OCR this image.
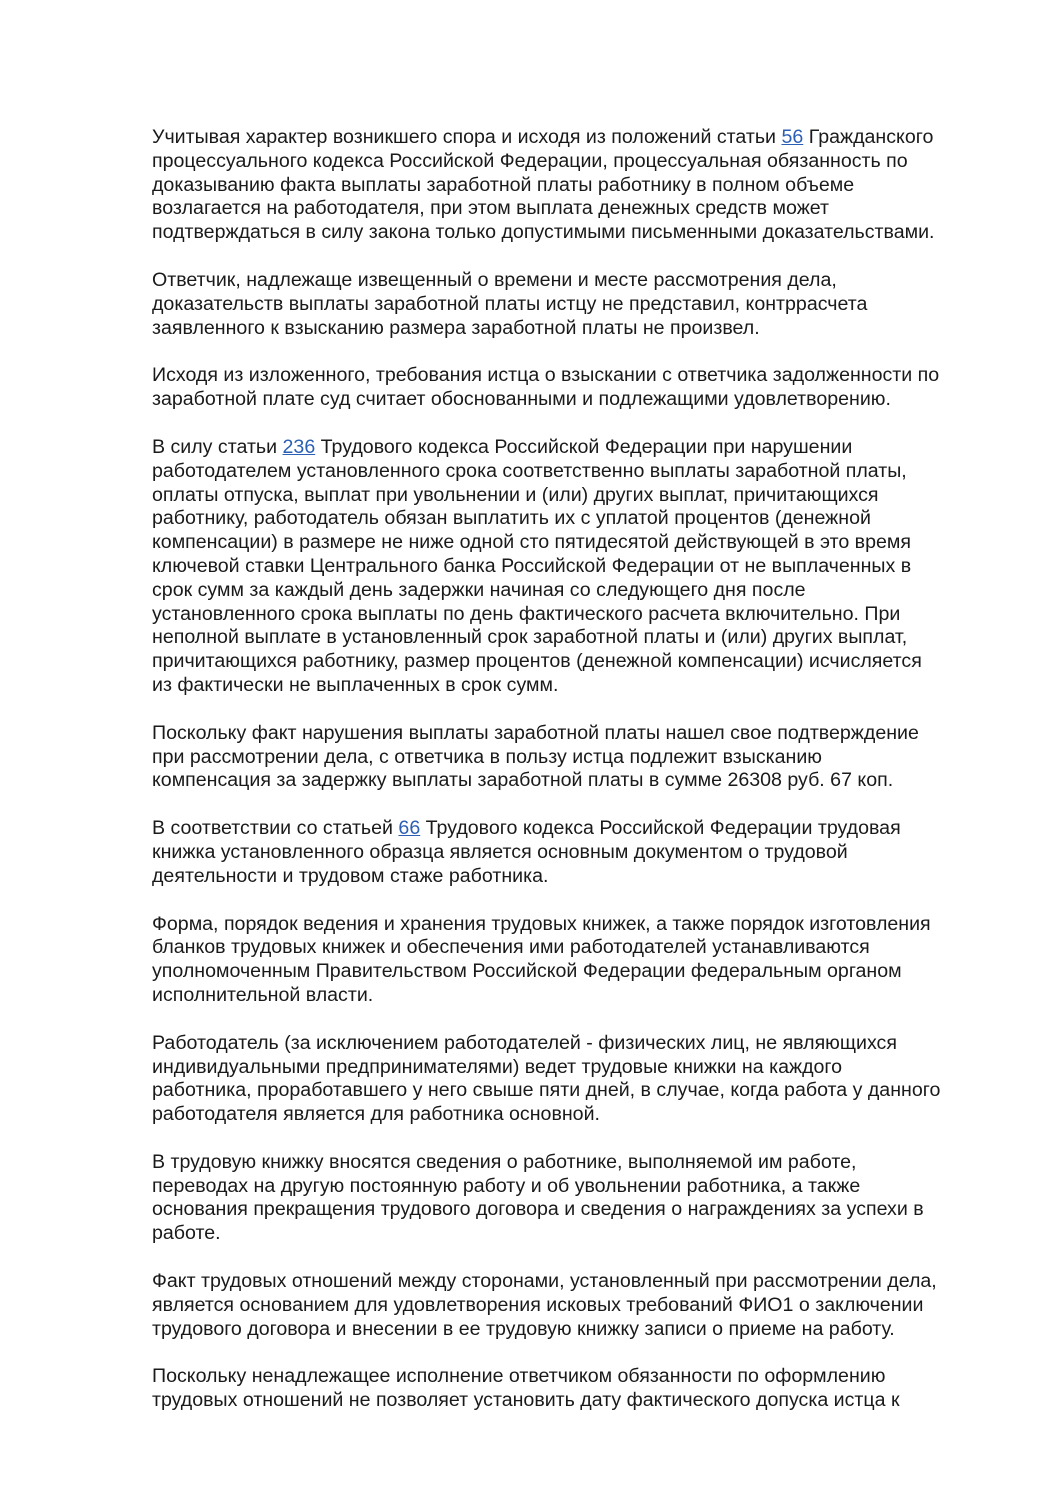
Учитывая характер возникшего спора и исходя из положений статьи 56 Гражданского
процессуального кодекса Российской Федерации, процессуальная обязанность по
доказыванию факта выплаты заработной платы работнику в полном объеме
возлагается на работодателя, при этом выплата денежных средств может
подтверждаться в силу закона только допустимыми письменными доказательствами.

Ответчик, надлежаще извещенный о времени и месте рассмотрения дела,
доказательств выплаты заработной платы истцу не представил, контррасчета
заявленного к взысканию размера заработной платы не произвел.

Исходя из изложенного, требования истца о взыскании с ответчика задолженности по
заработной плате суд считает обоснованными и подлежащими удовлетворению.

В силу статьи 236 Трудового кодекса Российской Федерации при нарушении
работодателем установленного срока соответственно выплаты заработной платы,
оплаты отпуска, выплат при увольнении и (или) других выплат, причитающихся
работнику, работодатель обязан выплатить их с уплатой процентов (денежной
компенсации) в размере не ниже одной сто пятидесятой действующей в это время
ключевой ставки Центрального банка Российской Федерации от не выплаченных в
срок сумм за каждый день задержки начиная со следующего дня после
установленного срока выплаты по день фактического расчета включительно. При
неполной выплате в установленный срок заработной платы и (или) других выплат,
причитающихся работнику, размер процентов (денежной компенсации) исчисляется
из фактически не выплаченных в срок сумм.

Поскольку факт нарушения выплаты заработной платы нашел свое подтверждение
при рассмотрении дела, с ответчика в пользу истца подлежит взысканию
компенсация за задержку выплаты заработной платы в сумме 26308 руб. 67 коп.

В соответствии со статьей 66 Трудового кодекса Российской Федерации трудовая
книжка установленного образца является основным документом о трудовой
деятельности и трудовом стаже работника.

Форма, порядок ведения и хранения трудовых книжек, а также порядок изготовления
бланков трудовых книжек и обеспечения ими работодателей устанавливаются
уполномоченным Правительством Российской Федерации федеральным органом
исполнительной власти.

Работодатель (за исключением работодателей - физических лиц, не являющихся
индивидуальными предпринимателями) ведет трудовые книжки на каждого
работника, проработавшего у него свыше пяти дней, в случае, когда работа у данного
работодателя является для работника основной.

В трудовую книжку вносятся сведения о работнике, выполняемой им работе,
переводах на другую постоянную работу и об увольнении работника, а также
основания прекращения трудового договора и сведения о награждениях за успехи в
работе.

Факт трудовых отношений между сторонами, установленный при рассмотрении дела,
является основанием для удовлетворения исковых требований ФИО1 о заключении
трудового договора и внесении в ее трудовую книжку записи о приеме на работу.

Поскольку ненадлежащее исполнение ответчиком обязанности по оформлению
трудовых отношений не позволяет установить дату фактического допуска истца к
